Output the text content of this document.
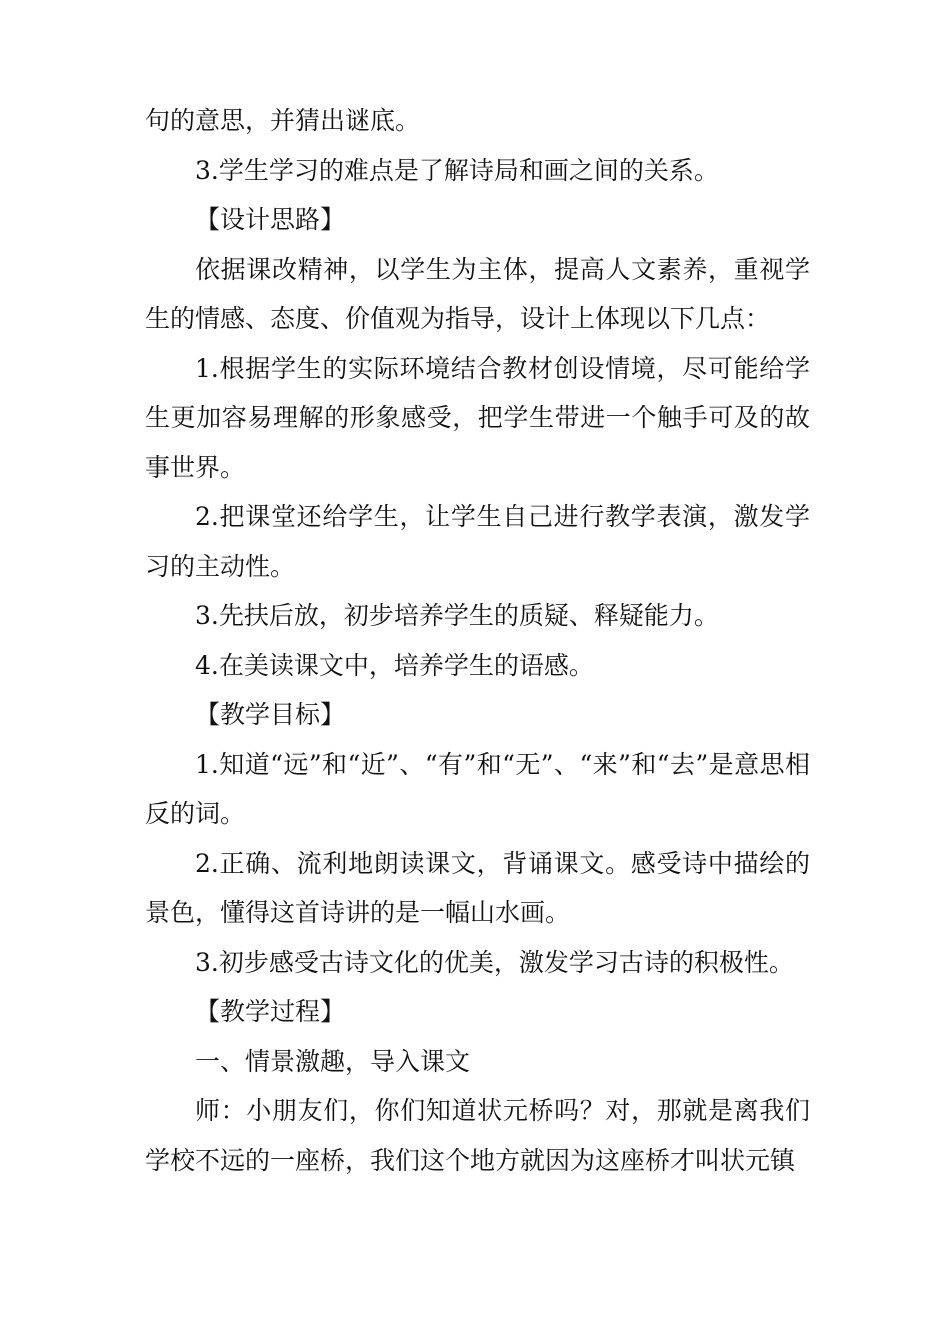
句的意思，并猜出谜底。

3.学生学习的难点是了解诗局和画之间的关系。

【设计思路】

依据课改精神，以学生为主体，提高人文素养，重视学生的情感、态度、价值观为指导，设计上体现以下几点：

1.根据学生的实际环境结合教材创设情境，尽可能给学生更加容易理解的形象感受，把学生带进一个触手可及的故事世界。

2.把课堂还给学生，让学生自己进行教学表演，激发学习的主动性。

3.先扶后放，初步培养学生的质疑、释疑能力。

4.在美读课文中，培养学生的语感。

【教学目标】

1.知道“远”和“近”、“有”和“无”、“来”和“去”是意思相反的词。

2.正确、流利地朗读课文，背诵课文。感受诗中描绘的景色，懂得这首诗讲的是一幅山水画。

3.初步感受古诗文化的优美，激发学习古诗的积极性。

【教学过程】

一、情景激趣，导入课文

师：小朋友们，你们知道状元桥吗？对，那就是离我们学校不远的一座桥，我们这个地方就因为这座桥才叫状元镇
